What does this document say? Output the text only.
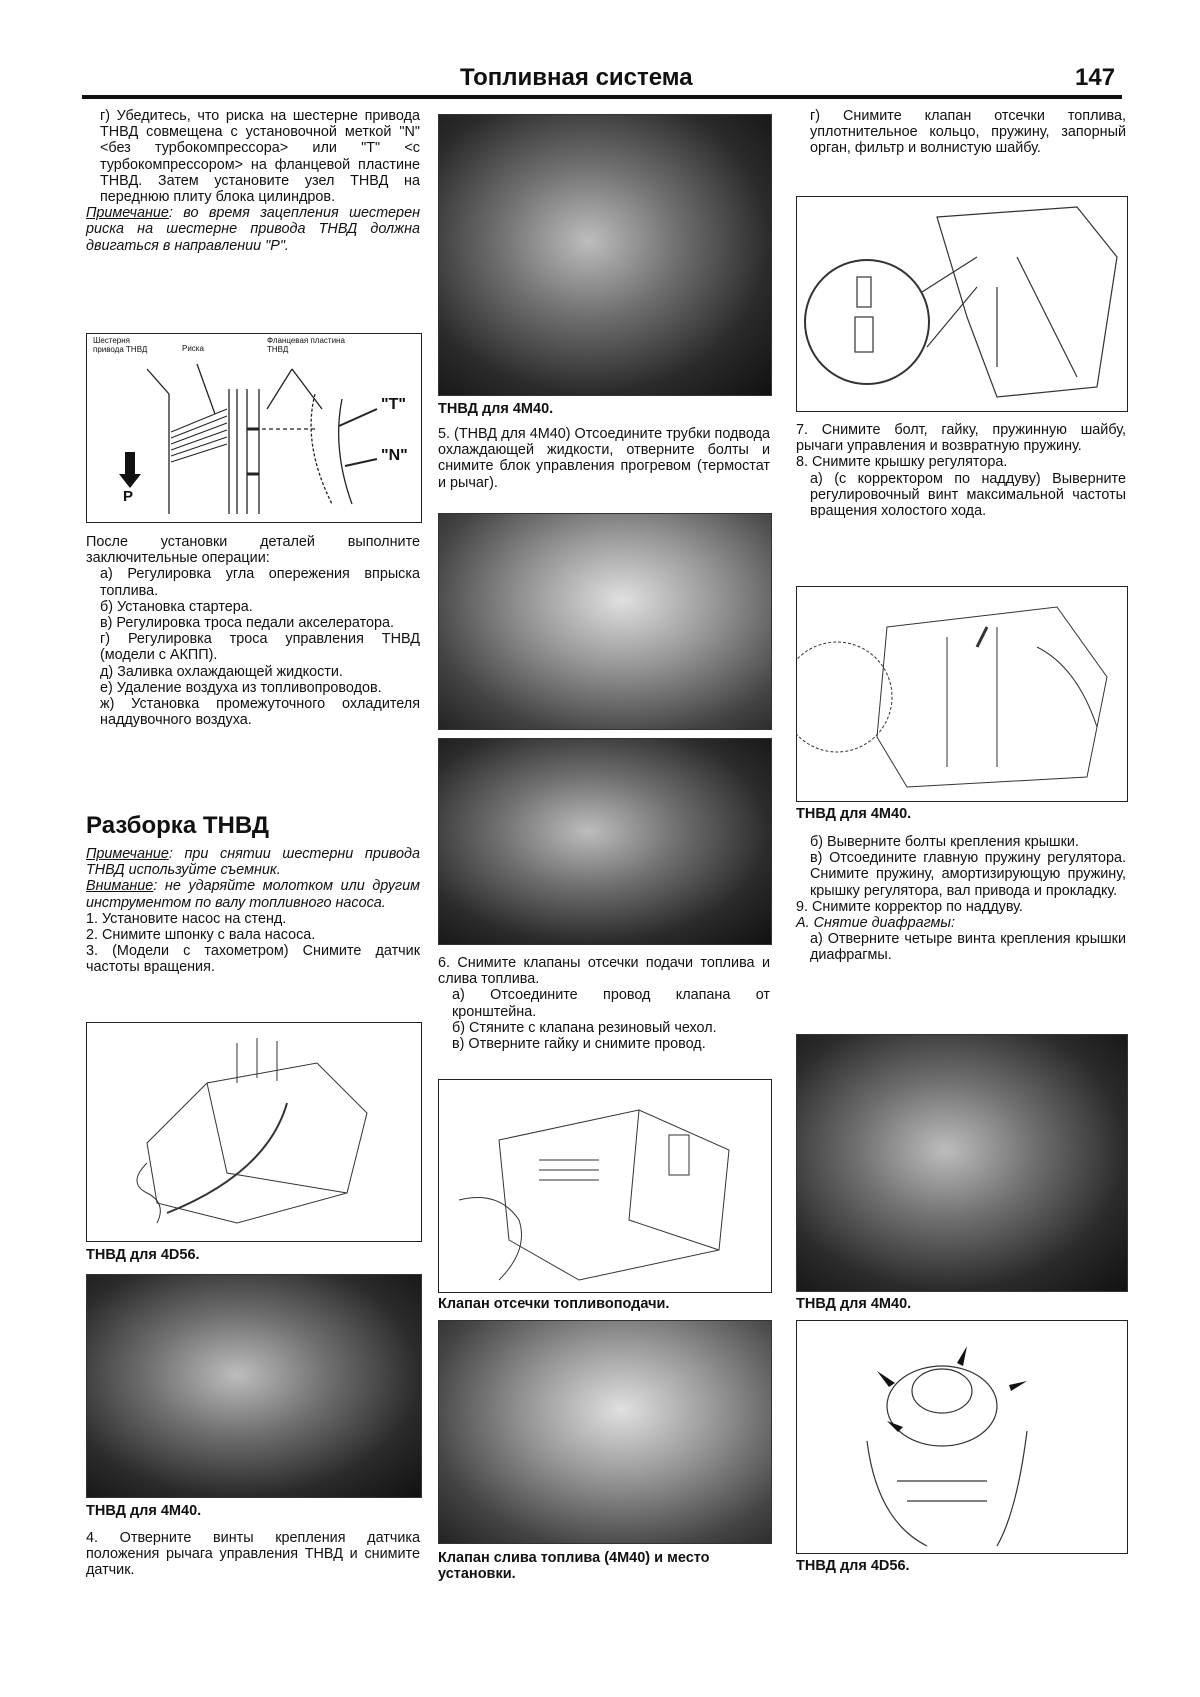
Топливная система	147

г) Убедитесь, что риска на шестерне привода ТНВД совмещена с установочной меткой "N" <без турбокомпрессора> или "T" <с турбокомпрессором> на фланцевой пластине ТНВД. Затем установите узел ТНВД на переднюю плиту блока цилиндров.

Примечание: во время зацепления шестерен риска на шестерне привода ТНВД должна двигаться в направлении "P".

Шестерня привода ТНВД	Риска
Фланцевая пластина ТНВД
"T"
"N"
P

После установки деталей выполните заключительные операции:

а) Регулировка угла опережения впрыска топлива.

б) Установка стартера.

в) Регулировка троса педали акселератора.

г) Регулировка троса управления ТНВД (модели с АКПП).

д) Заливка охлаждающей жидкости.

е) Удаление воздуха из топливопроводов.

ж) Установка промежуточного охладителя наддувочного воздуха.

Разборка ТНВД

Примечание: при снятии шестерни привода ТНВД используйте съемник.

Внимание: не ударяйте молотком или другим инструментом по валу топливного насоса.

1. Установите насос на стенд.

2. Снимите шпонку с вала насоса.

3. (Модели с тахометром) Снимите датчик частоты вращения.

ТНВД для 4D56.
ТНВД для 4М40.
4. Отверните винты крепления датчика положения рычага управления ТНВД и снимите датчик.
ТНВД для 4М40.
5. (ТНВД для 4М40) Отсоедините трубки подвода охлаждающей жидкости, отверните болты и снимите блок управления прогревом (термостат и рычаг).

6. Снимите клапаны отсечки подачи топлива и слива топлива.

а) Отсоедините провод клапана от кронштейна.

б) Стяните с клапана резиновый чехол.

в) Отверните гайку и снимите провод.

Клапан отсечки топливоподачи.
Клапан слива топлива (4М40) и место установки.

г) Снимите клапан отсечки топлива, уплотнительное кольцо, пружину, запорный орган, фильтр и волнистую шайбу.

7. Снимите болт, гайку, пружинную шайбу, рычаги управления и возвратную пружину.

8. Снимите крышку регулятора.

а) (с корректором по наддуву) Выверните регулировочный винт максимальной частоты вращения холостого хода.

ТНВД для 4М40.

б) Выверните болты крепления крышки.

в) Отсоедините главную пружину регулятора. Снимите пружину, амортизирующую пружину, крышку регулятора, вал привода и прокладку.

9. Снимите корректор по наддуву.

А. Снятие диафрагмы:

а) Отверните четыре винта крепления крышки диафрагмы.

ТНВД для 4М40.
ТНВД для 4D56.
